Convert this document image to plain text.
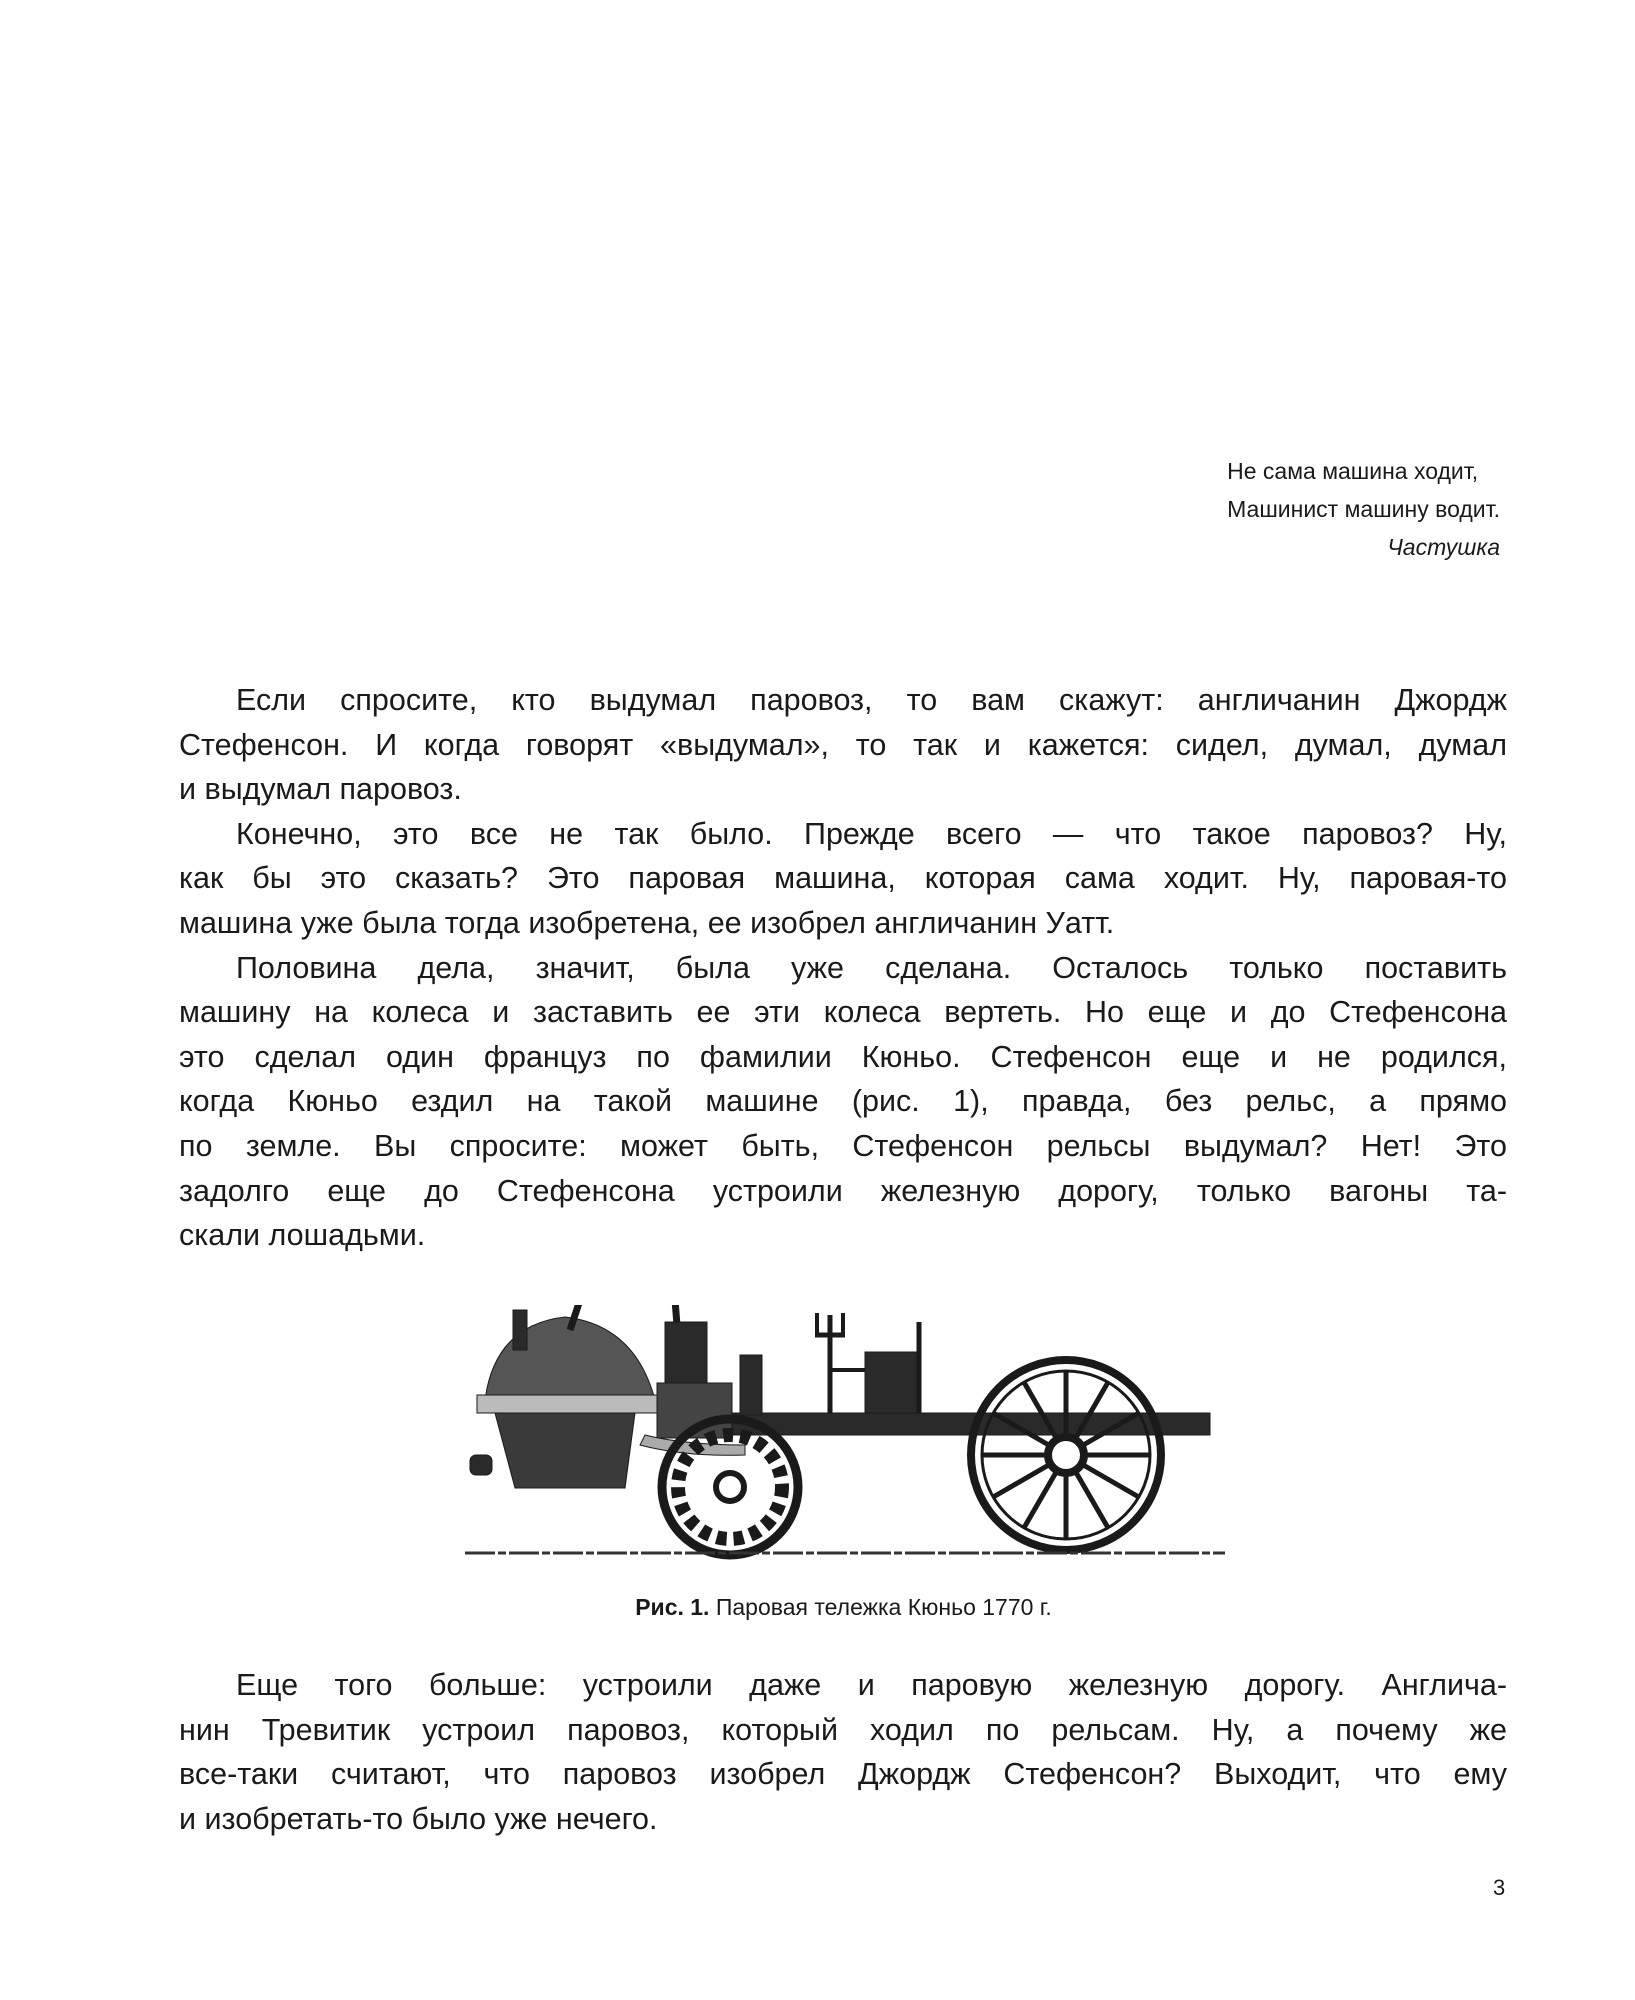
Не сама машина ходит,
Машинист машину водит.
Частушка
Если спросите, кто выдумал паровоз, то вам скажут: англичанин Джордж
Стефенсон. И когда говорят «выдумал», то так и кажется: сидел, думал, думал
и выдумал паровоз.
Конечно, это все не так было. Прежде всего — что такое паровоз? Ну,
как бы это сказать? Это паровая машина, которая сама ходит. Ну, паровая-то
машина уже была тогда изобретена, ее изобрел англичанин Уатт.
Половина дела, значит, была уже сделана. Осталось только поставить
машину на колеса и заставить ее эти колеса вертеть. Но еще и до Стефенсона
это сделал один француз по фамилии Кюньо. Стефенсон еще и не родился,
когда Кюньо ездил на такой машине (рис. 1), правда, без рельс, а прямо
по земле. Вы спросите: может быть, Стефенсон рельсы выдумал? Нет! Это
задолго еще до Стефенсона устроили железную дорогу, только вагоны та-
скали лошадьми.
Рис. 1. Паровая тележка Кюньо 1770 г.
Еще того больше: устроили даже и паровую железную дорогу. Англича-
нин Тревитик устроил паровоз, который ходил по рельсам. Ну, а почему же
все-таки считают, что паровоз изобрел Джордж Стефенсон? Выходит, что ему
и изобретать-то было уже нечего.
3
